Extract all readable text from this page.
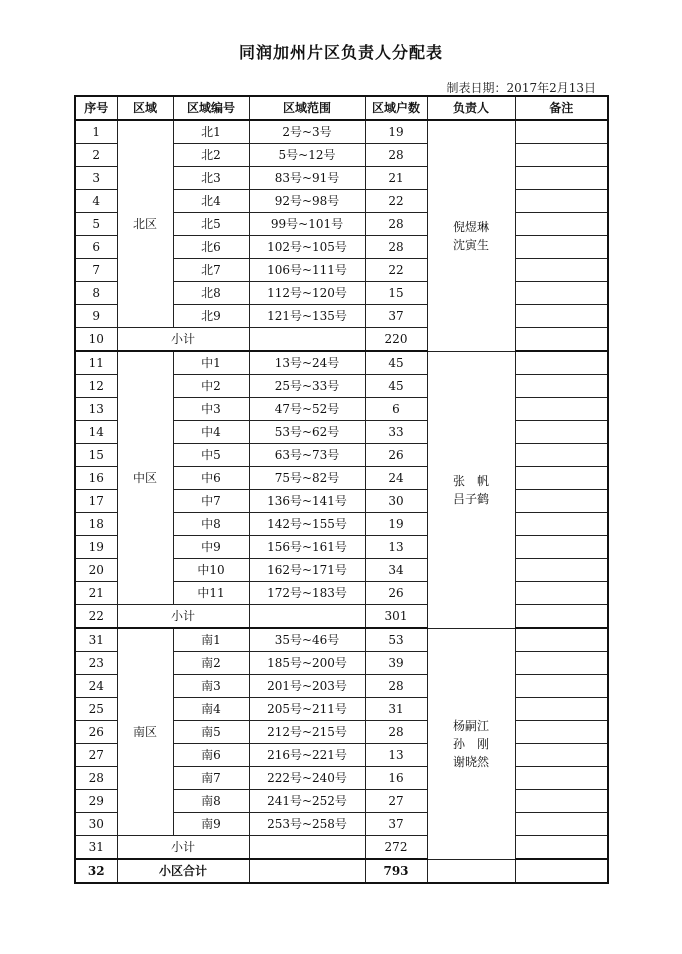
同润加州片区负责人分配表
制表日期：2017年2月13日
序号	区域	区域编号	区域范围	区域户数	负责人	备注
1	北区	北1	2号~3号	19	倪煜琳
沈寅生	
2		北2	5号~12号	28		
3		北3	83号~91号	21		
4		北4	92号~98号	22		
5		北5	99号~101号	28		
6		北6	102号~105号	28		
7		北7	106号~111号	22		
8		北8	112号~120号	15		
9		北9	121号~135号	37		
10	小计			220		
11	中区	中1	13号~24号	45	张　帆
吕子鹤	
12		中2	25号~33号	45		
13		中3	47号~52号	6		
14		中4	53号~62号	33		
15		中5	63号~73号	26		
16		中6	75号~82号	24		
17		中7	136号~141号	30		
18		中8	142号~155号	19		
19		中9	156号~161号	13		
20		中10	162号~171号	34		
21		中11	172号~183号	26		
22	小计			301		
31	南区	南1	35号~46号	53	杨嗣江
孙　刚
谢晓然	
23		南2	185号~200号	39		
24		南3	201号~203号	28		
25		南4	205号~211号	31		
26		南5	212号~215号	28		
27		南6	216号~221号	13		
28		南7	222号~240号	16		
29		南8	241号~252号	27		
30		南9	253号~258号	37		
31	小计			272		
32	小区合计			793		
